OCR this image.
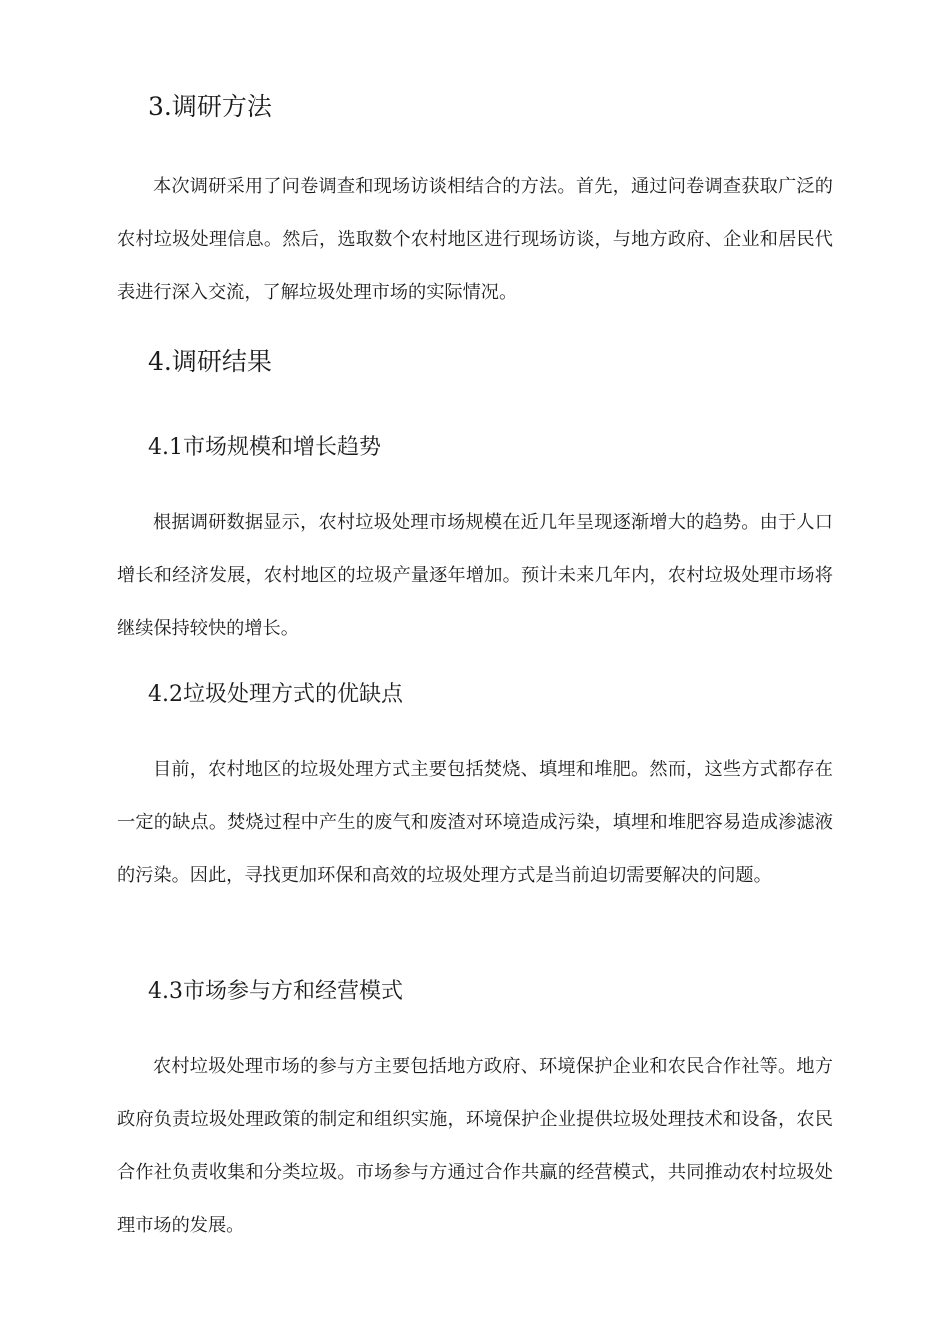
3.调研方法

本次调研采用了问卷调查和现场访谈相结合的方法。首先，通过问卷调查获取广泛的农村垃圾处理信息。然后，选取数个农村地区进行现场访谈，与地方政府、企业和居民代表进行深入交流，了解垃圾处理市场的实际情况。

4.调研结果
4.1市场规模和增长趋势

根据调研数据显示，农村垃圾处理市场规模在近几年呈现逐渐增大的趋势。由于人口增长和经济发展，农村地区的垃圾产量逐年增加。预计未来几年内，农村垃圾处理市场将继续保持较快的增长。

4.2垃圾处理方式的优缺点

目前，农村地区的垃圾处理方式主要包括焚烧、填埋和堆肥。然而，这些方式都存在一定的缺点。焚烧过程中产生的废气和废渣对环境造成污染，填埋和堆肥容易造成渗滤液的污染。因此，寻找更加环保和高效的垃圾处理方式是当前迫切需要解决的问题。

4.3市场参与方和经营模式

农村垃圾处理市场的参与方主要包括地方政府、环境保护企业和农民合作社等。地方政府负责垃圾处理政策的制定和组织实施，环境保护企业提供垃圾处理技术和设备，农民合作社负责收集和分类垃圾。市场参与方通过合作共赢的经营模式，共同推动农村垃圾处理市场的发展。
